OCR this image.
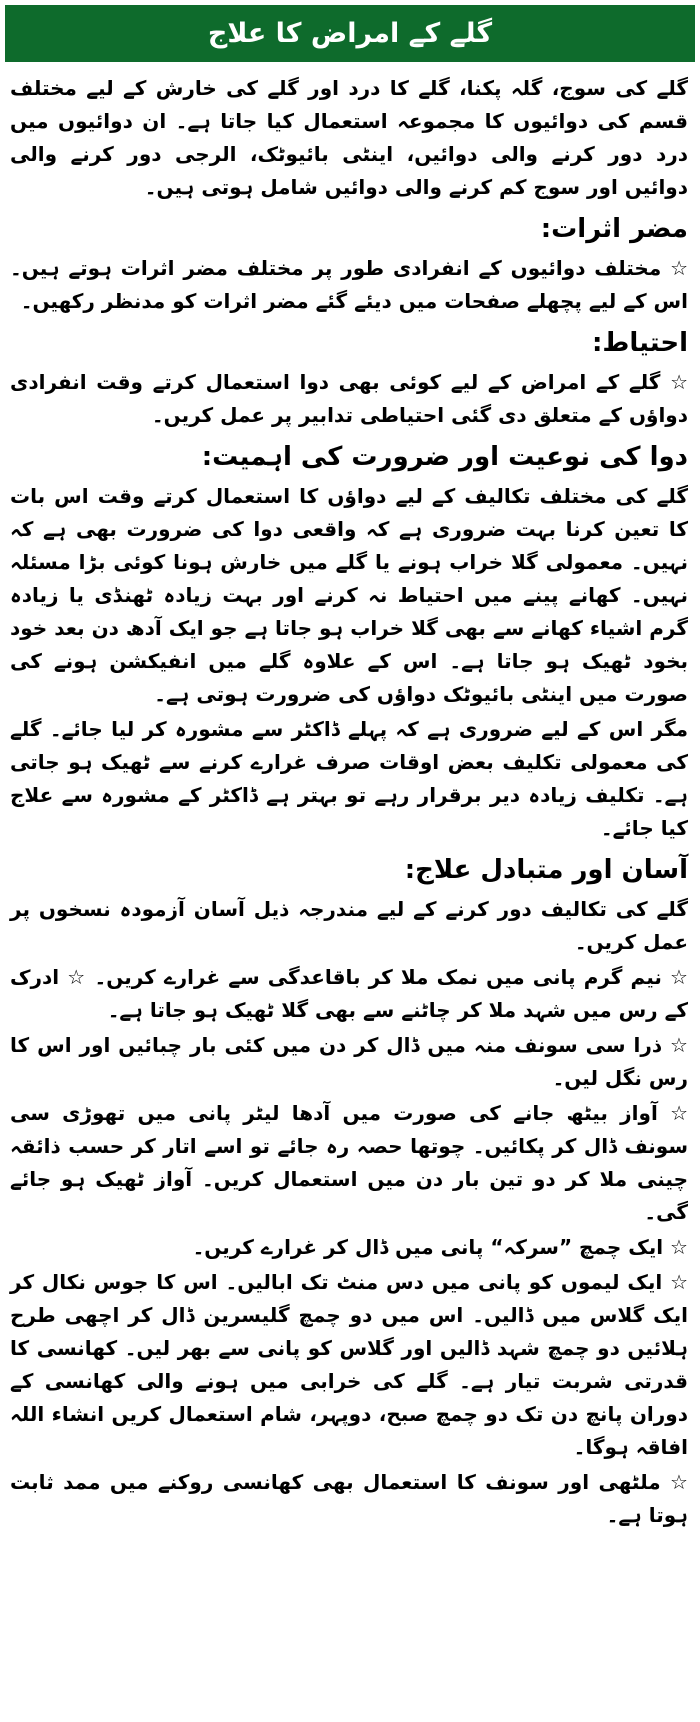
گلے کے امراض کا علاج

گلے کی سوج، گلہ پکنا، گلے کا درد اور گلے کی خارش کے لیے مختلف قسم کی دوائیوں کا مجموعہ استعمال کیا جاتا ہے۔ ان دوائیوں میں درد دور کرنے والی دوائیں، اینٹی بائیوٹک، الرجی دور کرنے والی دوائیں اور سوج کم کرنے والی دوائیں شامل ہوتی ہیں۔

مضر اثرات:

☆ مختلف دوائیوں کے انفرادی طور پر مختلف مضر اثرات ہوتے ہیں۔ اس کے لیے پچھلے صفحات میں دیئے گئے مضر اثرات کو مدنظر رکھیں۔

احتیاط:

☆ گلے کے امراض کے لیے کوئی بھی دوا استعمال کرتے وقت انفرادی دواؤں کے متعلق دی گئی احتیاطی تدابیر پر عمل کریں۔

دوا کی نوعیت اور ضرورت کی اہمیت:

گلے کی مختلف تکالیف کے لیے دواؤں کا استعمال کرتے وقت اس بات کا تعین کرنا بہت ضروری ہے کہ واقعی دوا کی ضرورت بھی ہے کہ نہیں۔ معمولی گلا خراب ہونے یا گلے میں خارش ہونا کوئی بڑا مسئلہ نہیں۔ کھانے پینے میں احتیاط نہ کرنے اور بہت زیادہ ٹھنڈی یا زیادہ گرم اشیاء کھانے سے بھی گلا خراب ہو جاتا ہے جو ایک آدھ دن بعد خود بخود ٹھیک ہو جاتا ہے۔ اس کے علاوہ گلے میں انفیکشن ہونے کی صورت میں اینٹی بائیوٹک دواؤں کی ضرورت ہوتی ہے۔

مگر اس کے لیے ضروری ہے کہ پہلے ڈاکٹر سے مشورہ کر لیا جائے۔ گلے کی معمولی تکلیف بعض اوقات صرف غرارے کرنے سے ٹھیک ہو جاتی ہے۔ تکلیف زیادہ دیر برقرار رہے تو بہتر ہے ڈاکٹر کے مشورہ سے علاج کیا جائے۔

آسان اور متبادل علاج:

گلے کی تکالیف دور کرنے کے لیے مندرجہ ذیل آسان آزمودہ نسخوں پر عمل کریں۔

☆ نیم گرم پانی میں نمک ملا کر باقاعدگی سے غرارے کریں۔ ☆ ادرک کے رس میں شہد ملا کر چاٹنے سے بھی گلا ٹھیک ہو جاتا ہے۔

☆ ذرا سی سونف منہ میں ڈال کر دن میں کئی بار چبائیں اور اس کا رس نگل لیں۔

☆ آواز بیٹھ جانے کی صورت میں آدھا لیٹر پانی میں تھوڑی سی سونف ڈال کر پکائیں۔ چوتھا حصہ رہ جائے تو اسے اتار کر حسب ذائقہ چینی ملا کر دو تین بار دن میں استعمال کریں۔ آواز ٹھیک ہو جائے گی۔

☆ ایک چمچ ”سرکہ“ پانی میں ڈال کر غرارے کریں۔

☆ ایک لیموں کو پانی میں دس منٹ تک ابالیں۔ اس کا جوس نکال کر ایک گلاس میں ڈالیں۔ اس میں دو چمچ گلیسرین ڈال کر اچھی طرح ہلائیں دو چمچ شہد ڈالیں اور گلاس کو پانی سے بھر لیں۔ کھانسی کا قدرتی شربت تیار ہے۔ گلے کی خرابی میں ہونے والی کھانسی کے دوران پانچ دن تک دو چمچ صبح، دوپہر، شام استعمال کریں انشاء اللہ افاقہ ہوگا۔

☆ ملٹھی اور سونف کا استعمال بھی کھانسی روکنے میں ممد ثابت ہوتا ہے۔
